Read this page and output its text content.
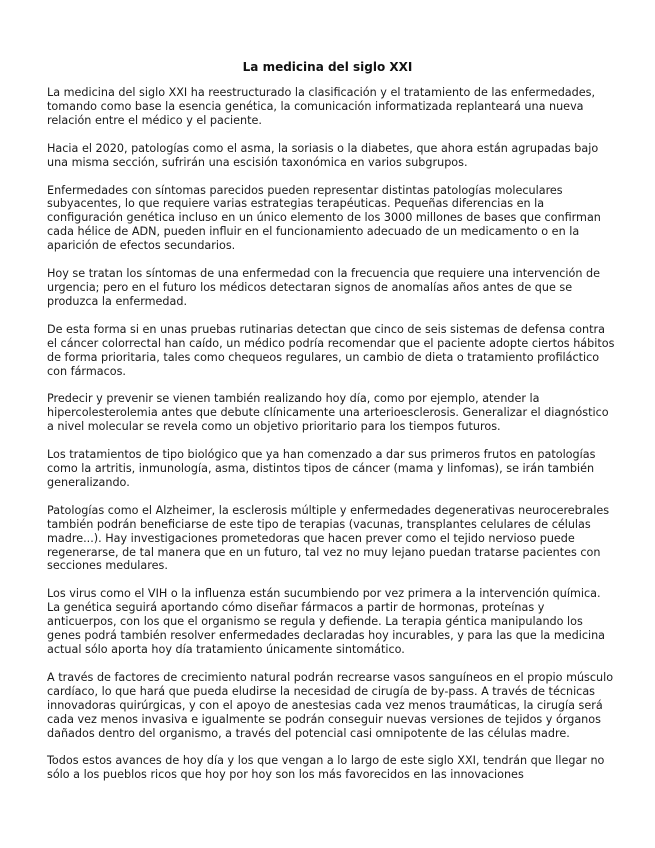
La medicina del siglo XXI

La medicina del siglo XXI ha reestructurado la clasificación y el tratamiento de las enfermedades, tomando como base la esencia genética, la comunicación informatizada replanteará una nueva relación entre el médico y el paciente.

Hacia el 2020, patologías como el asma, la soriasis o la diabetes, que ahora están agrupadas bajo una misma sección, sufrirán una escisión taxonómica en varios subgrupos.

Enfermedades con síntomas parecidos pueden representar distintas patologías moleculares subyacentes, lo que requiere varias estrategias terapéuticas. Pequeñas diferencias en la configuración genética incluso en un único elemento de los 3000 millones de bases que confirman cada hélice de ADN, pueden influir en el funcionamiento adecuado de un medicamento o en la aparición de efectos secundarios.

Hoy se tratan los síntomas de una enfermedad con la frecuencia que requiere una intervención de urgencia; pero en el futuro los médicos detectaran signos de anomalías años antes de que se produzca la enfermedad.

De esta forma si en unas pruebas rutinarias detectan que cinco de seis sistemas de defensa contra el cáncer colorrectal han caído, un médico podría recomendar que el paciente adopte ciertos hábitos de forma prioritaria, tales como chequeos regulares, un cambio de dieta o tratamiento profiláctico con fármacos.

Predecir y prevenir se vienen también realizando hoy día, como por ejemplo, atender la hipercolesterolemia antes que debute clínicamente una arterioesclerosis. Generalizar el diagnóstico a nivel molecular se revela como un objetivo prioritario para los tiempos futuros.

Los tratamientos de tipo biológico que ya han comenzado a dar sus primeros frutos en patologías como la artritis, inmunología, asma, distintos tipos de cáncer (mama y linfomas), se irán también generalizando.

Patologías como el Alzheimer, la esclerosis múltiple y enfermedades degenerativas neurocerebrales también podrán beneficiarse de este tipo de terapias (vacunas, transplantes celulares de células madre...). Hay investigaciones prometedoras que hacen prever como el tejido nervioso puede regenerarse, de tal manera que en un futuro, tal vez no muy lejano puedan tratarse pacientes con secciones medulares.

Los virus como el VIH o la influenza están sucumbiendo por vez primera a la intervención química. La genética seguirá aportando cómo diseñar fármacos a partir de hormonas, proteínas y anticuerpos, con los que el organismo se regula y defiende. La terapia géntica manipulando los genes podrá también resolver enfermedades declaradas hoy incurables, y para las que la medicina actual sólo aporta hoy día tratamiento únicamente sintomático.

A través de factores de crecimiento natural podrán recrearse vasos sanguíneos en el propio músculo cardíaco, lo que hará que pueda eludirse la necesidad de cirugía de by-pass. A través de técnicas innovadoras quirúrgicas, y con el apoyo de anestesias cada vez menos traumáticas, la cirugía será cada vez menos invasiva e igualmente se podrán conseguir nuevas versiones de tejidos y órganos dañados dentro del organismo, a través del potencial casi omnipotente de las células madre.

Todos estos avances de hoy día y los que vengan a lo largo de este siglo XXI, tendrán que llegar no sólo a los pueblos ricos que hoy por hoy son los más favorecidos en las innovaciones
